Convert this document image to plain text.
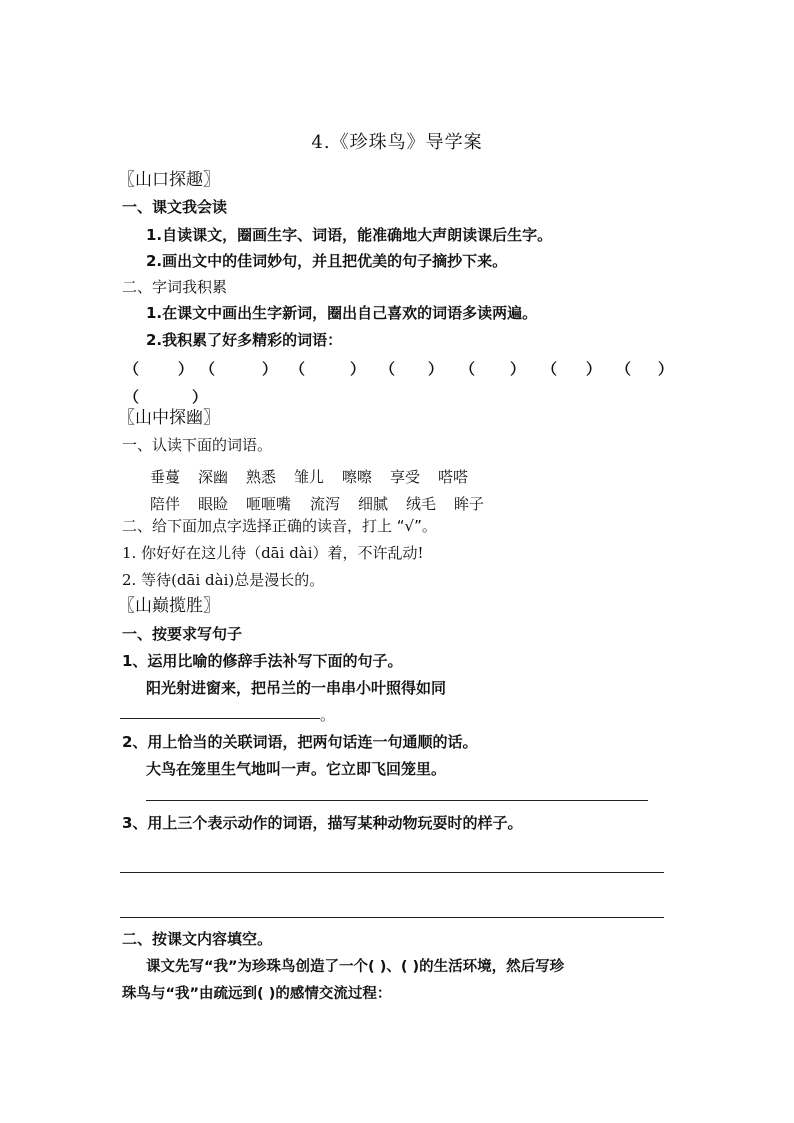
4.《珍珠鸟》导学案
〖山口探趣〗
一、课文我会读
1.自读课文，圈画生字、词语，能准确地大声朗读课后生字。
2.画出文中的佳词妙句，并且把优美的句子摘抄下来。
二、字词我积累
1.在课文中画出生字新词，圈出自己喜欢的词语多读两遍。
2.我积累了好多精彩的词语：
（	） （	） （	） （ ） （ ） （ ） （ ）
（	）
〖山中探幽〗
一、认读下面的词语。
垂蔓 深幽 熟悉 雏儿 嚓嚓 享受 嗒嗒
陪伴 眼睑 咂咂嘴 流泻 细腻 绒毛 眸子
二、给下面加点字选择正确的读音，打上 “√”。
1. 你好好在这儿待（dāi dài）着，不许乱动!
2. 等待(dāi dài)总是漫长的。
〖山巅揽胜〗
一、按要求写句子
1、运用比喻的修辞手法补写下面的句子。
阳光射进窗来，把吊兰的一串串小叶照得如同
。
2、用上恰当的关联词语，把两句话连一句通顺的话。
大鸟在笼里生气地叫一声。它立即飞回笼里。
3、用上三个表示动作的词语，描写某种动物玩耍时的样子。
二、按课文内容填空。
课文先写“我”为珍珠鸟创造了一个( )、( )的生活环境，然后写珍
珠鸟与“我”由疏远到( )的感情交流过程：
